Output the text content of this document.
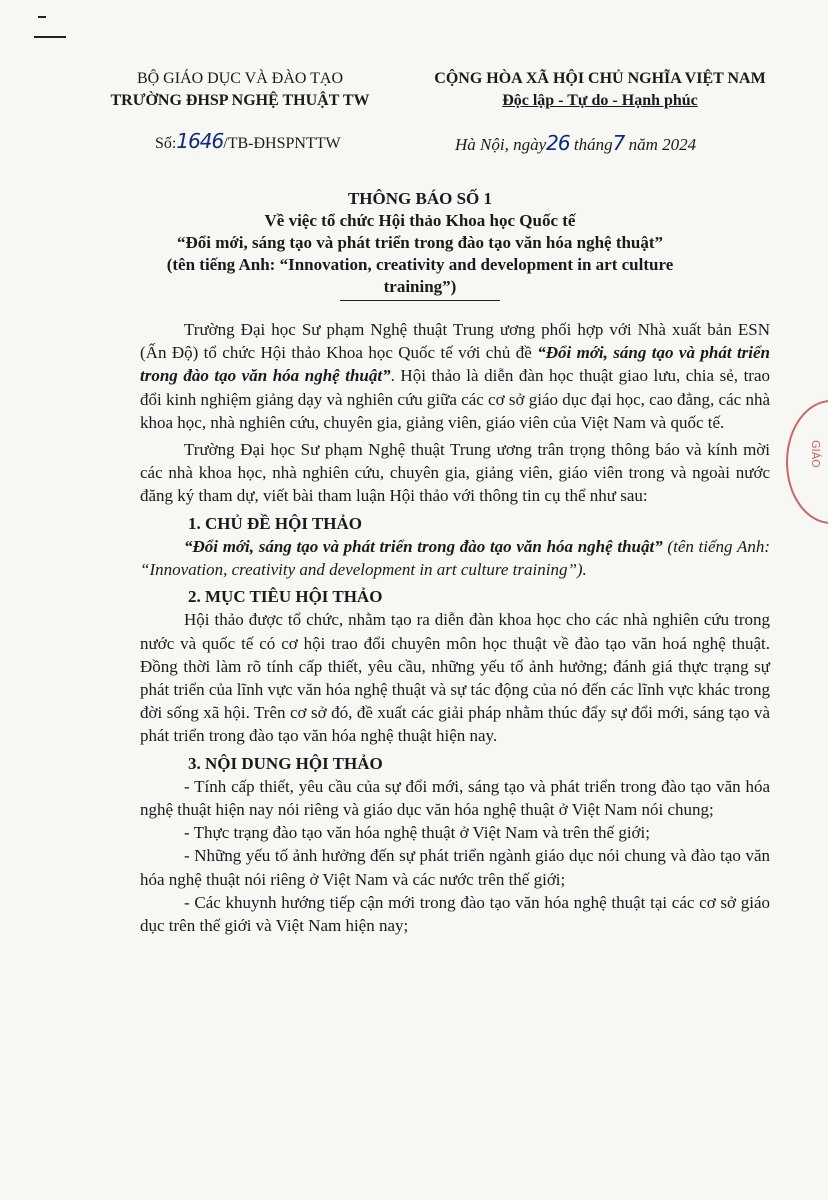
BỘ GIÁO DỤC VÀ ĐÀO TẠO
TRƯỜNG ĐHSP NGHỆ THUẬT TW
CỘNG HÒA XÃ HỘI CHỦ NGHĨA VIỆT NAM
Độc lập - Tự do - Hạnh phúc
Số:1646/TB-ĐHSPNTTW	Hà Nội, ngày26 tháng7 năm 2024
THÔNG BÁO SỐ 1
Về việc tổ chức Hội thảo Khoa học Quốc tế
“Đổi mới, sáng tạo và phát triển trong đào tạo văn hóa nghệ thuật”
(tên tiếng Anh: “Innovation, creativity and development in art culture
training”)

Trường Đại học Sư phạm Nghệ thuật Trung ương phối hợp với Nhà xuất bản ESN (Ấn Độ) tổ chức Hội thảo Khoa học Quốc tế với chủ đề “Đổi mới, sáng tạo và phát triển trong đào tạo văn hóa nghệ thuật”. Hội thảo là diễn đàn học thuật giao lưu, chia sẻ, trao đổi kinh nghiệm giảng dạy và nghiên cứu giữa các cơ sở giáo dục đại học, cao đẳng, các nhà khoa học, nhà nghiên cứu, chuyên gia, giảng viên, giáo viên của Việt Nam và quốc tế.

Trường Đại học Sư phạm Nghệ thuật Trung ương trân trọng thông báo và kính mời các nhà khoa học, nhà nghiên cứu, chuyên gia, giảng viên, giáo viên trong và ngoài nước đăng ký tham dự, viết bài tham luận Hội thảo với thông tin cụ thể như sau:

1. CHỦ ĐỀ HỘI THẢO

“Đổi mới, sáng tạo và phát triển trong đào tạo văn hóa nghệ thuật” (tên tiếng Anh: “Innovation, creativity and development in art culture training”).

2. MỤC TIÊU HỘI THẢO

Hội thảo được tổ chức, nhằm tạo ra diễn đàn khoa học cho các nhà nghiên cứu trong nước và quốc tế có cơ hội trao đổi chuyên môn học thuật về đào tạo văn hoá nghệ thuật. Đồng thời làm rõ tính cấp thiết, yêu cầu, những yếu tố ảnh hưởng; đánh giá thực trạng sự phát triển của lĩnh vực văn hóa nghệ thuật và sự tác động của nó đến các lĩnh vực khác trong đời sống xã hội. Trên cơ sở đó, đề xuất các giải pháp nhằm thúc đẩy sự đổi mới, sáng tạo và phát triển trong đào tạo văn hóa nghệ thuật hiện nay.

3. NỘI DUNG HỘI THẢO

- Tính cấp thiết, yêu cầu của sự đổi mới, sáng tạo và phát triển trong đào tạo văn hóa nghệ thuật hiện nay nói riêng và giáo dục văn hóa nghệ thuật ở Việt Nam nói chung;

- Thực trạng đào tạo văn hóa nghệ thuật ở Việt Nam và trên thế giới;

- Những yếu tố ảnh hưởng đến sự phát triển ngành giáo dục nói chung và đào tạo văn hóa nghệ thuật nói riêng ở Việt Nam và các nước trên thế giới;

- Các khuynh hướng tiếp cận mới trong đào tạo văn hóa nghệ thuật tại các cơ sở giáo dục trên thế giới và Việt Nam hiện nay;

GIÁO
